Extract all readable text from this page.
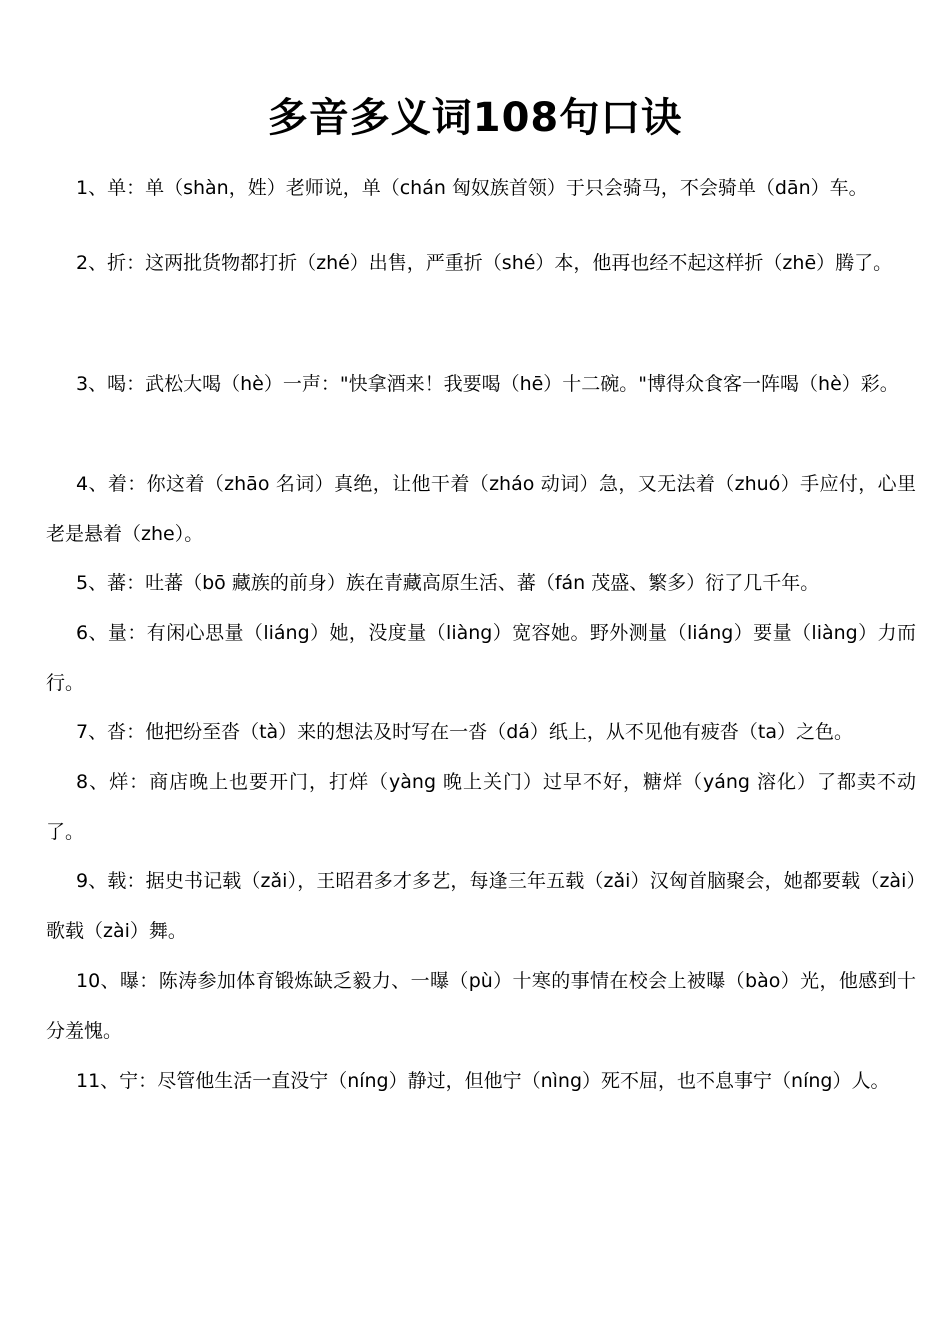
多音多义词108句口诀

1、单：单（shàn，姓）老师说，单（chán 匈奴族首领）于只会骑马，不会骑单（dān）车。

2、折：这两批货物都打折（zhé）出售，严重折（shé）本，他再也经不起这样折（zhē）腾了。

3、喝：武松大喝（hè）一声："快拿酒来！我要喝（hē）十二碗。"博得众食客一阵喝（hè）彩。

4、着：你这着（zhāo 名词）真绝，让他干着（zháo 动词）急，又无法着（zhuó）手应付，心里老是悬着（zhe）。

5、蕃：吐蕃（bō 藏族的前身）族在青藏高原生活、蕃（fán 茂盛、繁多）衍了几千年。

6、量：有闲心思量（liáng）她，没度量（liàng）宽容她。野外测量（liáng）要量（liàng）力而行。

7、沓：他把纷至沓（tà）来的想法及时写在一沓（dá）纸上，从不见他有疲沓（ta）之色。

8、烊：商店晚上也要开门，打烊（yàng 晚上关门）过早不好，糖烊（yáng 溶化）了都卖不动了。

9、载：据史书记载（zǎi），王昭君多才多艺，每逢三年五载（zǎi）汉匈首脑聚会，她都要载（zài）歌载（zài）舞。

10、曝：陈涛参加体育锻炼缺乏毅力、一曝（pù）十寒的事情在校会上被曝（bào）光，他感到十分羞愧。

11、宁：尽管他生活一直没宁（níng）静过，但他宁（nìng）死不屈，也不息事宁（níng）人。
